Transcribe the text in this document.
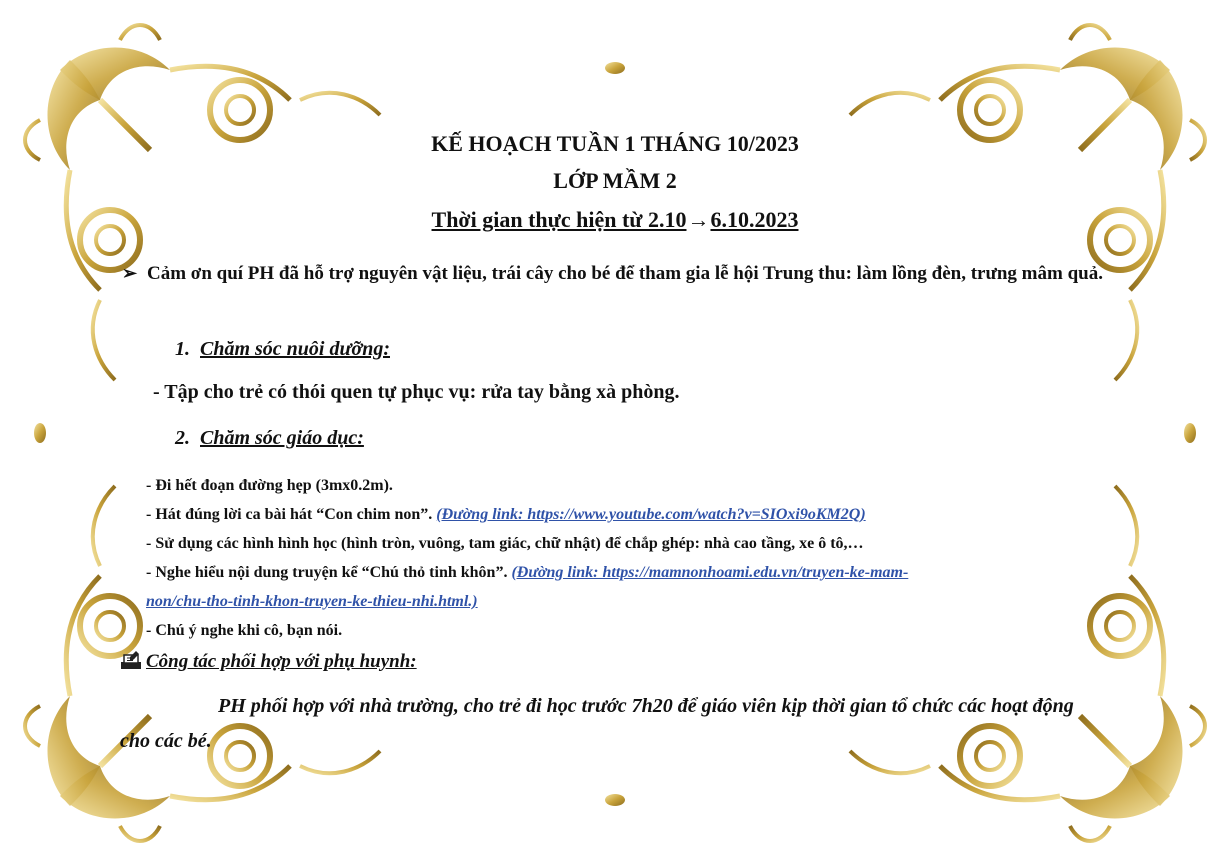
KẾ HOẠCH TUẦN 1 THÁNG 10/2023
LỚP MẦM 2
Thời gian thực hiện từ 2.10→6.10.2023
➢ Cảm ơn quí PH đã hỗ trợ nguyên vật liệu, trái cây cho bé để tham gia lễ hội Trung thu: làm lồng đèn, trưng mâm quả.
1. Chăm sóc nuôi dưỡng:
- Tập cho trẻ có thói quen tự phục vụ: rửa tay bằng xà phòng.
2. Chăm sóc giáo dục:
- Đi hết đoạn đường hẹp (3mx0.2m).
- Hát đúng lời ca bài hát “Con chim non”. (Đường link: https://www.youtube.com/watch?v=SIOxi9oKM2Q)
- Sử dụng các hình hình học (hình tròn, vuông, tam giác, chữ nhật) để chắp ghép: nhà cao tầng, xe ô tô,…
- Nghe hiểu nội dung truyện kể “Chú thỏ tinh khôn”. (Đường link: https://mamnonhoami.edu.vn/truyen-ke-mam-
non/chu-tho-tinh-khon-truyen-ke-thieu-nhi.html.)
- Chú ý nghe khi cô, bạn nói.
Công tác phối hợp với phụ huynh:
PH phối hợp với nhà trường, cho trẻ đi học trước 7h20 để giáo viên kịp thời gian tổ chức các hoạt động cho các bé.
